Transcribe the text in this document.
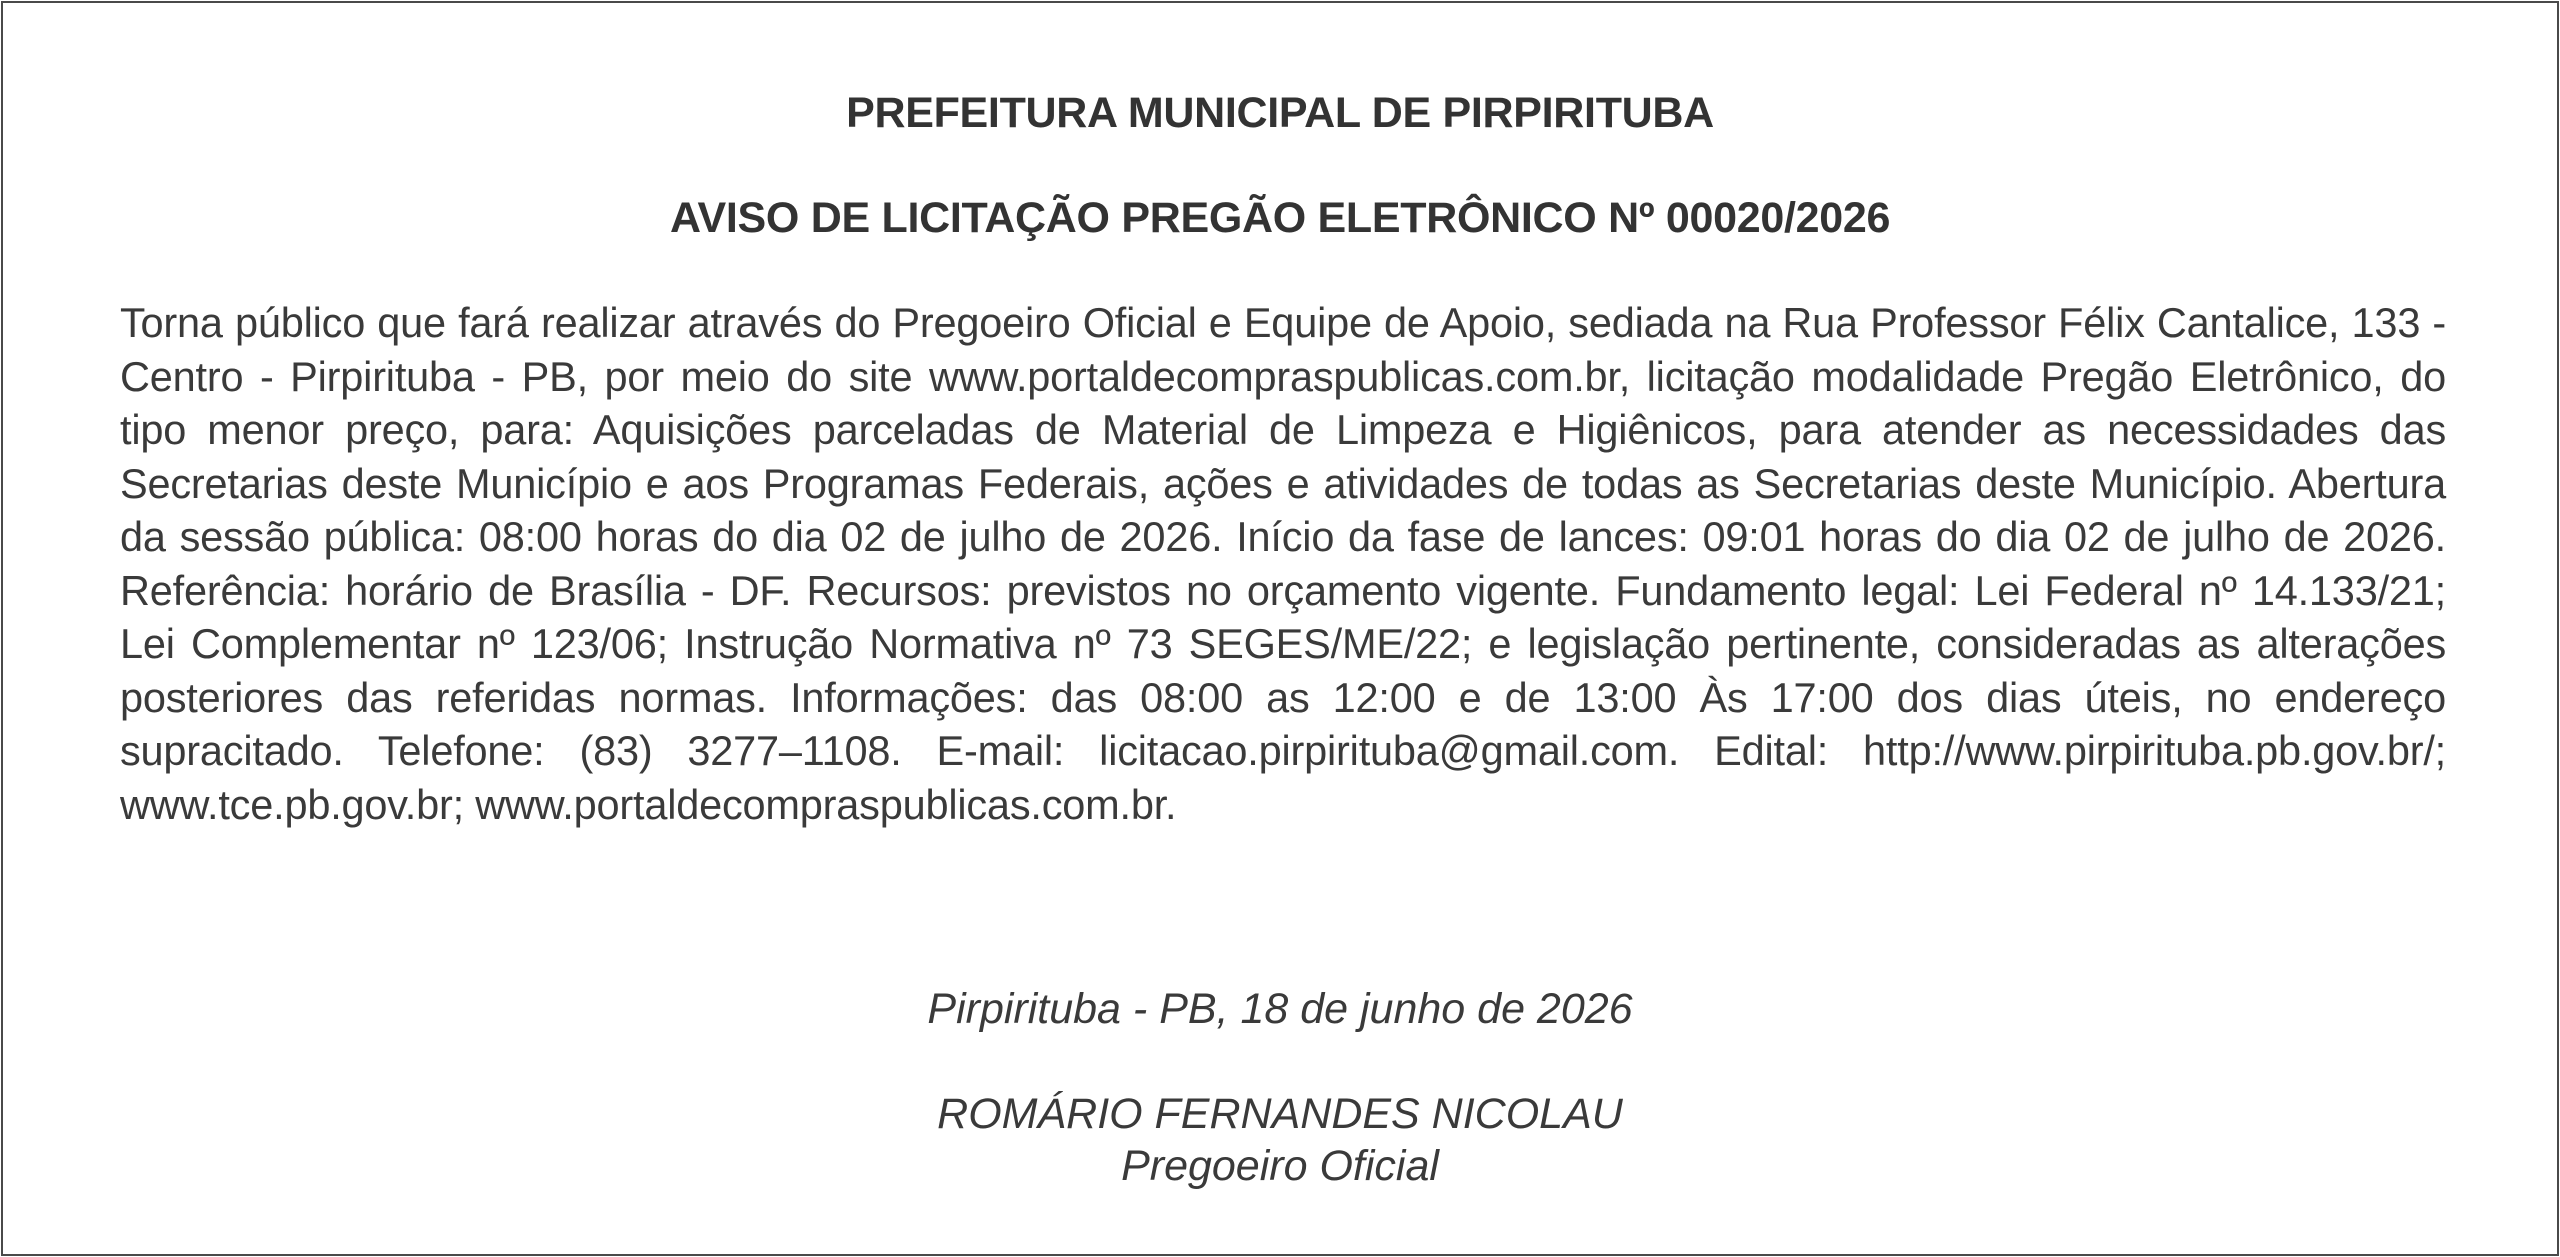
PREFEITURA MUNICIPAL DE PIRPIRITUBA
AVISO DE LICITAÇÃO PREGÃO ELETRÔNICO Nº 00020/2026

Torna público que fará realizar através do Pregoeiro Oficial e Equipe de Apoio, sediada na Rua Professor Félix Cantalice, 133 - Centro - Pirpirituba - PB, por meio do site www.portaldecompraspublicas.com.br, licitação modalidade Pregão Eletrônico, do tipo menor preço, para: Aquisições parceladas de Material de Limpeza e Higiênicos, para atender as necessidades das Secretarias deste Município e aos Programas Federais, ações e atividades de todas as Secretarias deste Município. Abertura da sessão pública: 08:00 horas do dia 02 de julho de 2026. Início da fase de lances: 09:01 horas do dia 02 de julho de 2026. Referência: horário de Brasília - DF. Recursos: previstos no orçamento vigente. Fundamento legal: Lei Federal nº 14.133/21; Lei Complementar nº 123/06; Instrução Normativa nº 73 SEGES/ME/22; e legislação pertinente, consideradas as alterações posteriores das referidas normas. Informações: das 08:00 as 12:00 e de 13:00 Às 17:00 dos dias úteis, no endereço supracitado. Telefone: (83) 3277–1108. E-mail: licitacao.pirpirituba@gmail.com. Edital: http://www.pirpirituba.pb.gov.br/; www.tce.pb.gov.br; www.portaldecompraspublicas.com.br.

Pirpirituba - PB, 18 de junho de 2026
ROMÁRIO FERNANDES NICOLAU
Pregoeiro Oficial
